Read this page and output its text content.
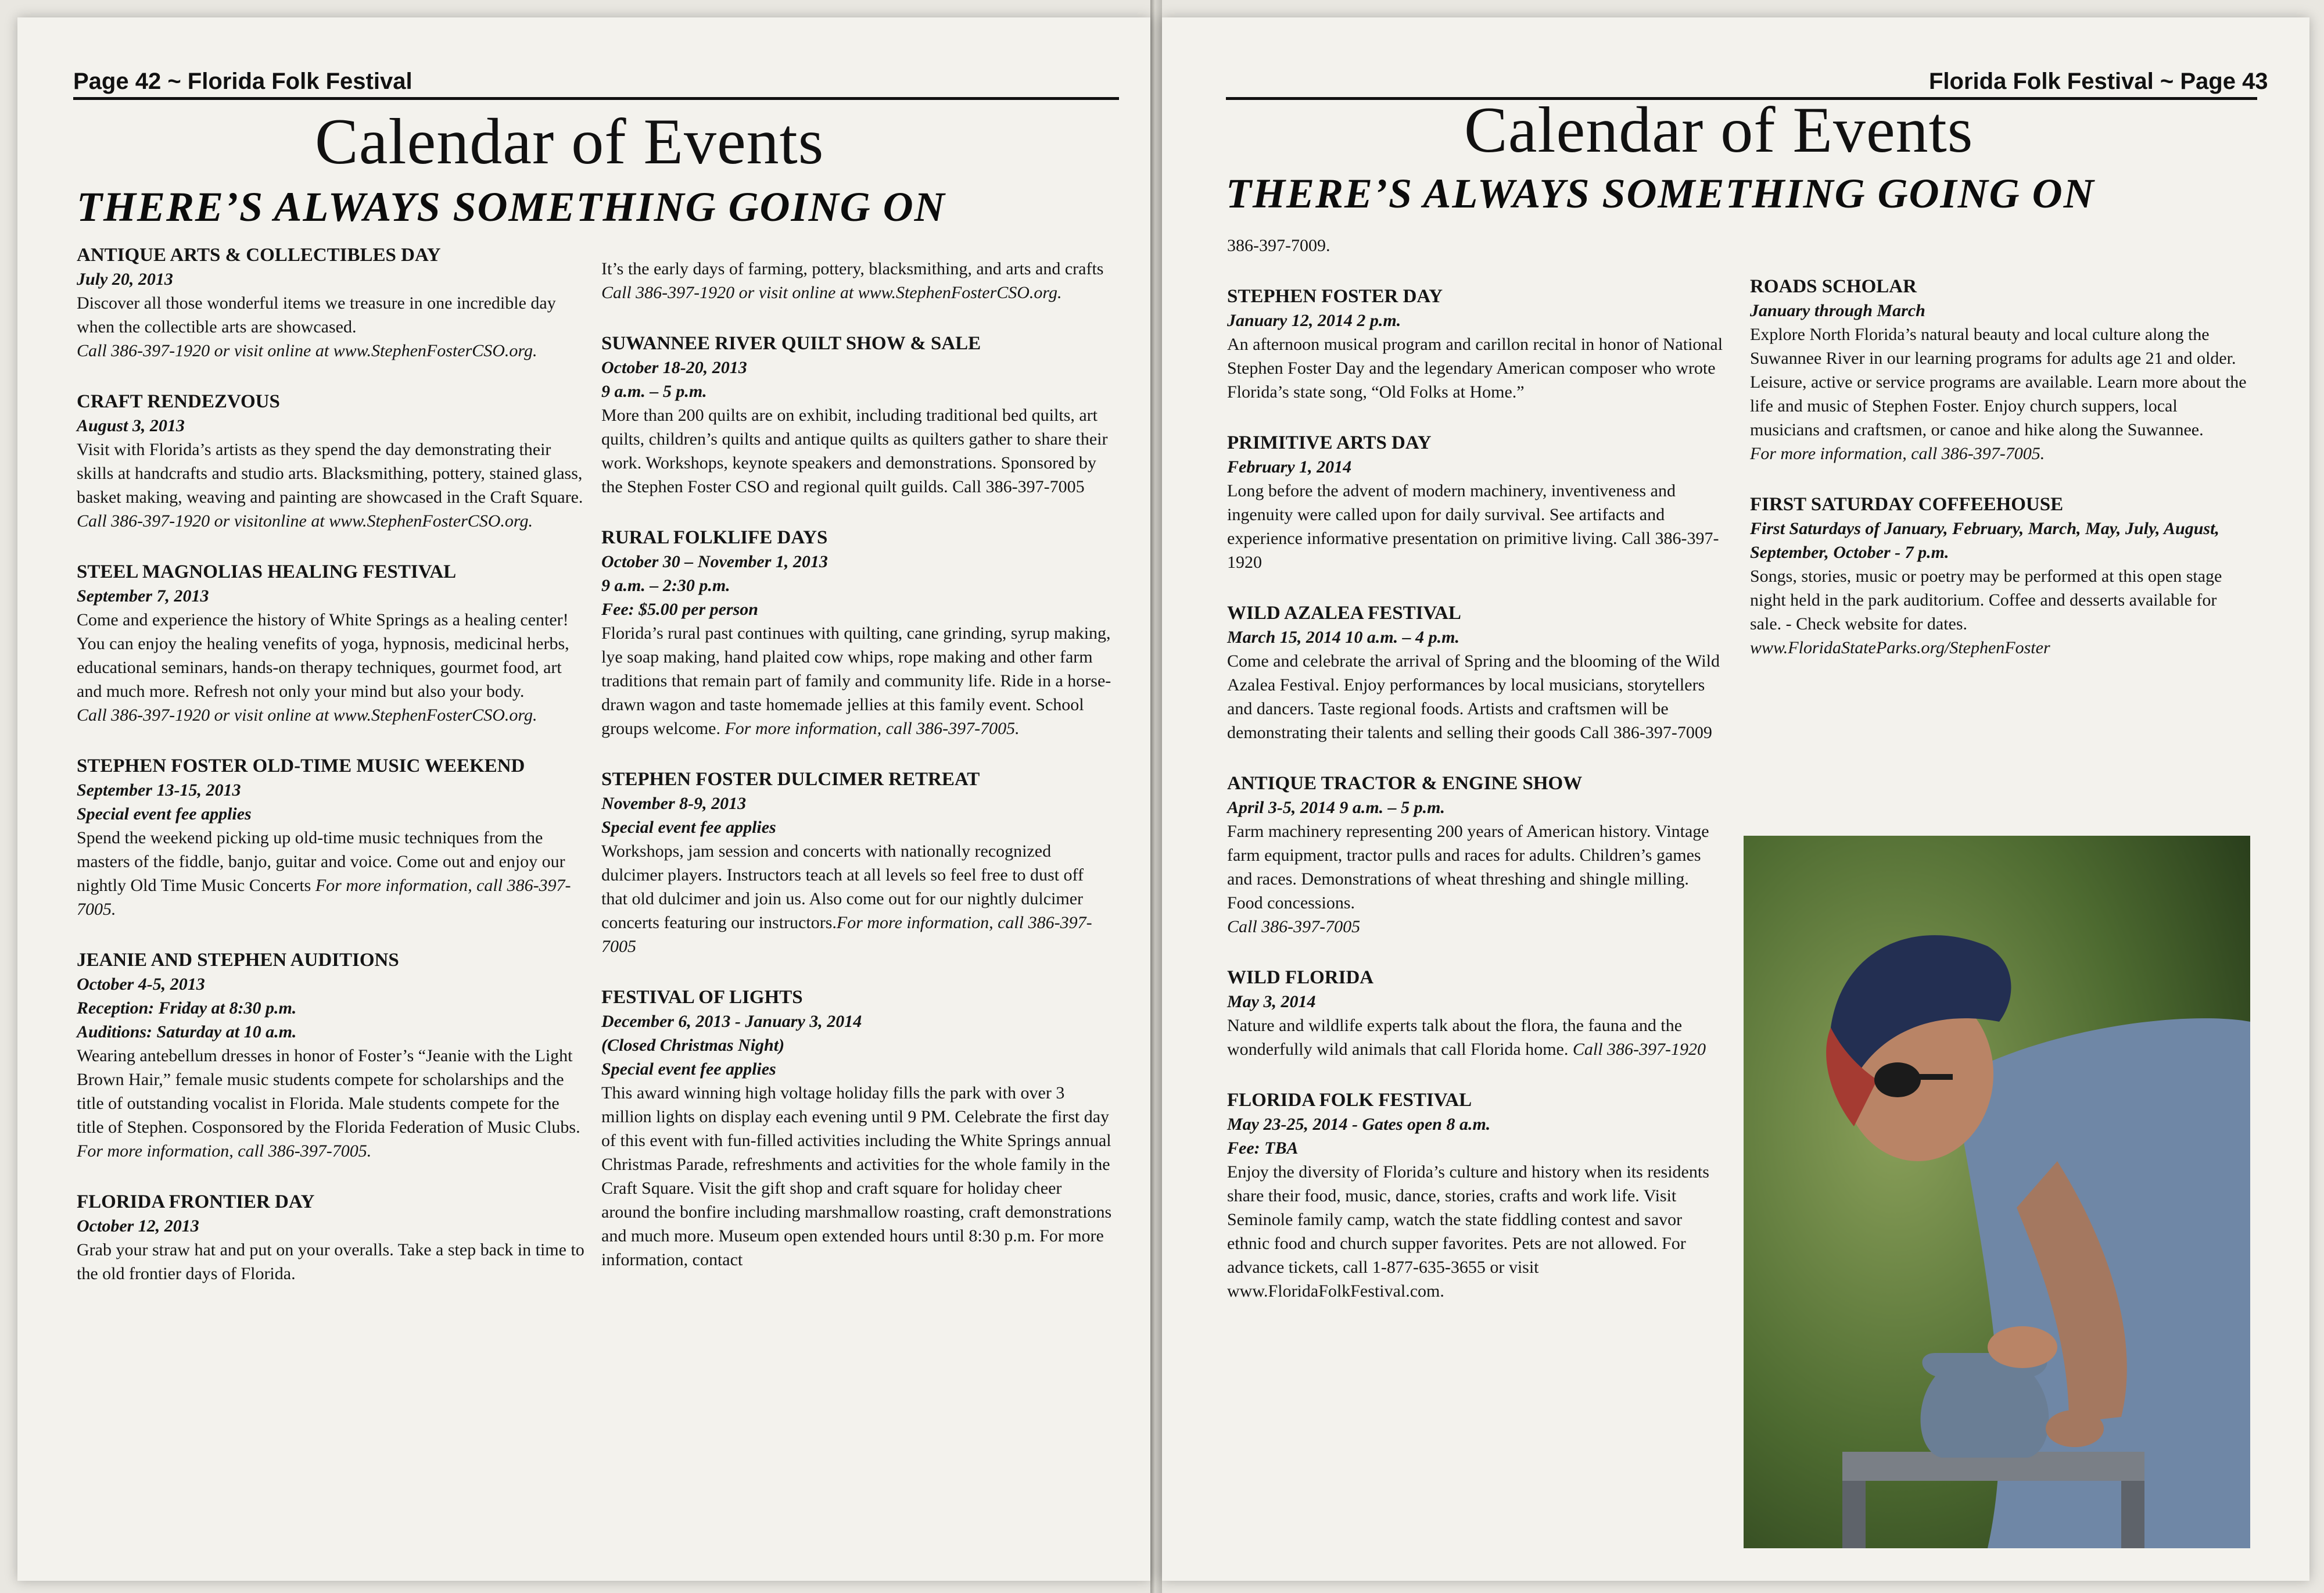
Page 42 ~ Florida Folk Festival
Calendar of Events
THERE’S ALWAYS SOMETHING GOING ON
ANTIQUE ARTS & COLLECTIBLES DAY
July 20, 2013
Discover all those wonderful items we treasure in one incredible day when the collectible arts are showcased.
Call 386-397-1920 or visit online at www.StephenFosterCSO.org.
CRAFT RENDEZVOUS
August 3, 2013
Visit with Florida’s artists as they spend the day demonstrating their skills at handcrafts and studio arts. Blacksmithing, pottery, stained glass, basket making, weaving and painting are showcased in the Craft Square.
Call 386-397-1920 or visitonline at www.StephenFosterCSO.org.
STEEL MAGNOLIAS HEALING FESTIVAL
September 7, 2013
Come and experience the history of White Springs as a healing center! You can enjoy the healing venefits of yoga, hypnosis, medicinal herbs, educational seminars, hands-on therapy techniques, gourmet food, art and much more. Refresh not only your mind but also your body.
Call 386-397-1920 or visit online at www.StephenFosterCSO.org.
STEPHEN FOSTER OLD-TIME MUSIC WEEKEND
September 13-15, 2013
Special event fee applies
Spend the weekend picking up old-time music techniques from the masters of the fiddle, banjo, guitar and voice. Come out and enjoy our nightly Old Time Music Concerts For more information, call 386-397-7005.
JEANIE AND STEPHEN AUDITIONS
October 4-5, 2013
Reception: Friday at 8:30 p.m.
Auditions: Saturday at 10 a.m.
Wearing antebellum dresses in honor of Foster’s “Jeanie with the Light Brown Hair,” female music students compete for scholarships and the title of outstanding vocalist in Florida. Male students compete for the title of Stephen. Cosponsored by the Florida Federation of Music Clubs. For more information, call 386-397-7005.
FLORIDA FRONTIER DAY
October 12, 2013
Grab your straw hat and put on your overalls. Take a step back in time to the old frontier days of Florida.
It’s the early days of farming, pottery, blacksmithing, and arts and crafts
Call 386-397-1920 or visit online at www.StephenFosterCSO.org.
SUWANNEE RIVER QUILT SHOW & SALE
October 18-20, 2013
9 a.m. – 5 p.m.
More than 200 quilts are on exhibit, including traditional bed quilts, art quilts, children’s quilts and antique quilts as quilters gather to share their work. Workshops, keynote speakers and demonstrations. Sponsored by the Stephen Foster CSO and regional quilt guilds. Call 386-397-7005
RURAL FOLKLIFE DAYS
October 30 – November 1, 2013
9 a.m. – 2:30 p.m.
Fee: $5.00 per person
Florida’s rural past continues with quilting, cane grinding, syrup making, lye soap making, hand plaited cow whips, rope making and other farm traditions that remain part of family and community life. Ride in a horse-drawn wagon and taste homemade jellies at this family event. School groups welcome. For more information, call 386-397-7005.
STEPHEN FOSTER DULCIMER RETREAT
November 8-9, 2013
Special event fee applies
Workshops, jam session and concerts with nationally recognized dulcimer players. Instructors teach at all levels so feel free to dust off that old dulcimer and join us. Also come out for our nightly dulcimer concerts featuring our instructors.For more information, call 386-397-7005
FESTIVAL OF LIGHTS
December 6, 2013 - January 3, 2014
(Closed Christmas Night)
Special event fee applies
This award winning high voltage holiday fills the park with over 3 million lights on display each evening until 9 PM. Celebrate the first day of this event with fun-filled activities including the White Springs annual Christmas Parade, refreshments and activities for the whole family in the Craft Square. Visit the gift shop and craft square for holiday cheer around the bonfire including marshmallow roasting, craft demonstrations and much more. Museum open extended hours until 8:30 p.m. For more information, contact
Florida Folk Festival ~ Page 43
Calendar of Events
THERE’S ALWAYS SOMETHING GOING ON
386-397-7009.
STEPHEN FOSTER DAY
January 12, 2014 2 p.m.
An afternoon musical program and carillon recital in honor of National Stephen Foster Day and the legendary American composer who wrote Florida’s state song, “Old Folks at Home.”
PRIMITIVE ARTS DAY
February 1, 2014
Long before the advent of modern machinery, inventiveness and ingenuity were called upon for daily survival. See artifacts and experience informative presentation on primitive living. Call 386-397-1920
WILD AZALEA FESTIVAL
March 15, 2014 10 a.m. – 4 p.m.
Come and celebrate the arrival of Spring and the blooming of the Wild Azalea Festival. Enjoy performances by local musicians, storytellers and dancers. Taste regional foods. Artists and craftsmen will be demonstrating their talents and selling their goods Call 386-397-7009
ANTIQUE TRACTOR & ENGINE SHOW
April 3-5, 2014 9 a.m. – 5 p.m.
Farm machinery representing 200 years of American history. Vintage farm equipment, tractor pulls and races for adults. Children’s games and races. Demonstrations of wheat threshing and shingle milling. Food concessions.
Call 386-397-7005
WILD FLORIDA
May 3, 2014
Nature and wildlife experts talk about the flora, the fauna and the wonderfully wild animals that call Florida home. Call 386-397-1920
FLORIDA FOLK FESTIVAL
May 23-25, 2014 - Gates open 8 a.m.
Fee: TBA
Enjoy the diversity of Florida’s culture and history when its residents share their food, music, dance, stories, crafts and work life. Visit Seminole family camp, watch the state fiddling contest and savor ethnic food and church supper favorites. Pets are not allowed. For advance tickets, call 1-877-635-3655 or visit www.FloridaFolkFestival.com.
ROADS SCHOLAR
January through March
Explore North Florida’s natural beauty and local culture along the Suwannee River in our learning programs for adults age 21 and older. Leisure, active or service programs are available. Learn more about the life and music of Stephen Foster. Enjoy church suppers, local musicians and craftsmen, or canoe and hike along the Suwannee.
For more information, call 386-397-7005.
FIRST SATURDAY COFFEEHOUSE
First Saturdays of January, February, March, May, July, August, September, October - 7 p.m.
Songs, stories, music or poetry may be performed at this open stage night held in the park auditorium. Coffee and desserts available for sale. - Check website for dates.
www.FloridaStateParks.org/StephenFoster
